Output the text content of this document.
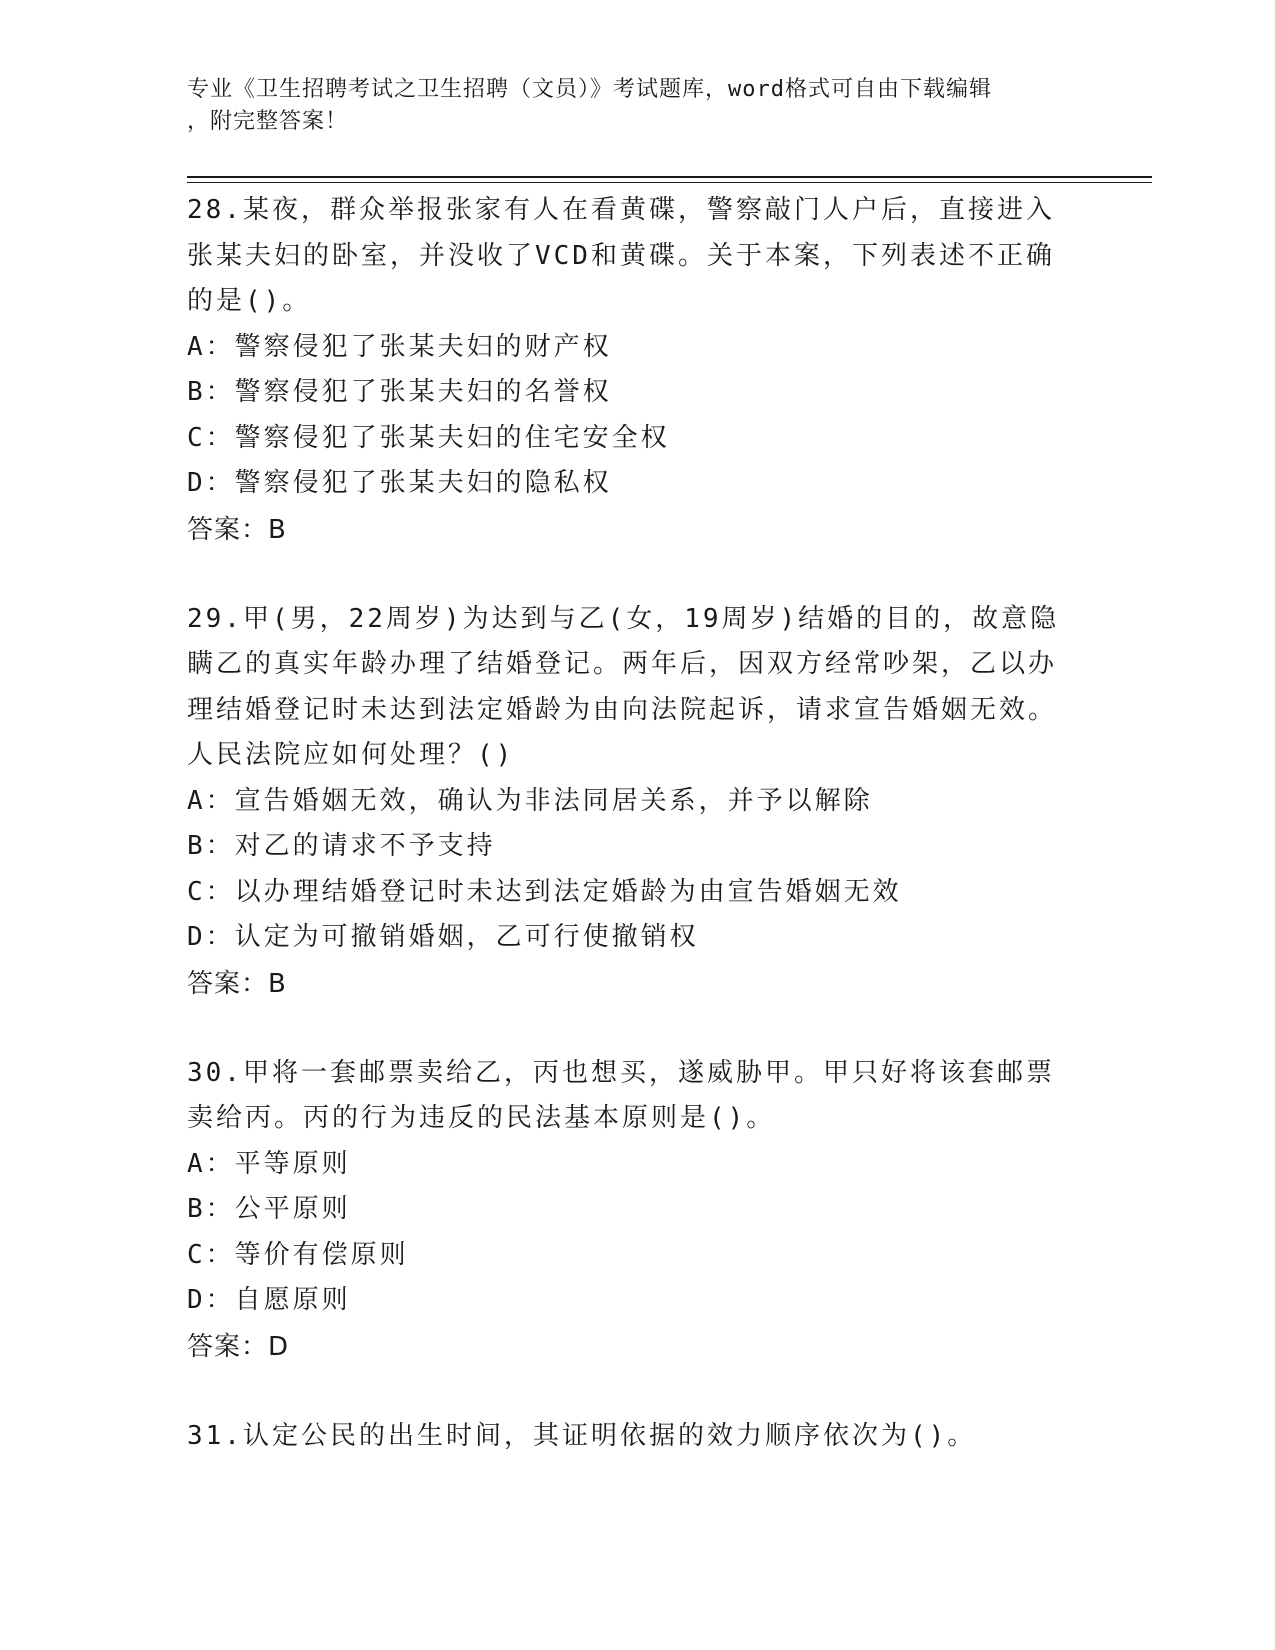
专业《卫生招聘考试之卫生招聘（文员）》考试题库，word格式可自由下载编辑
，附完整答案！

28.某夜，群众举报张家有人在看黄碟，警察敲门人户后，直接进入张某夫妇的卧室，并没收了VCD和黄碟。关于本案，下列表述不正确的是()。

A：警察侵犯了张某夫妇的财产权

B：警察侵犯了张某夫妇的名誉权

C：警察侵犯了张某夫妇的住宅安全权

D：警察侵犯了张某夫妇的隐私权

答案：B

29.甲(男，22周岁)为达到与乙(女，19周岁)结婚的目的，故意隐瞒乙的真实年龄办理了结婚登记。两年后，因双方经常吵架，乙以办理结婚登记时未达到法定婚龄为由向法院起诉，请求宣告婚姻无效。人民法院应如何处理？()

A：宣告婚姻无效，确认为非法同居关系，并予以解除

B：对乙的请求不予支持

C：以办理结婚登记时未达到法定婚龄为由宣告婚姻无效

D：认定为可撤销婚姻，乙可行使撤销权

答案：B

30.甲将一套邮票卖给乙，丙也想买，遂威胁甲。甲只好将该套邮票卖给丙。丙的行为违反的民法基本原则是()。

A：平等原则

B：公平原则

C：等价有偿原则

D：自愿原则

答案：D

31.认定公民的出生时间，其证明依据的效力顺序依次为()。
